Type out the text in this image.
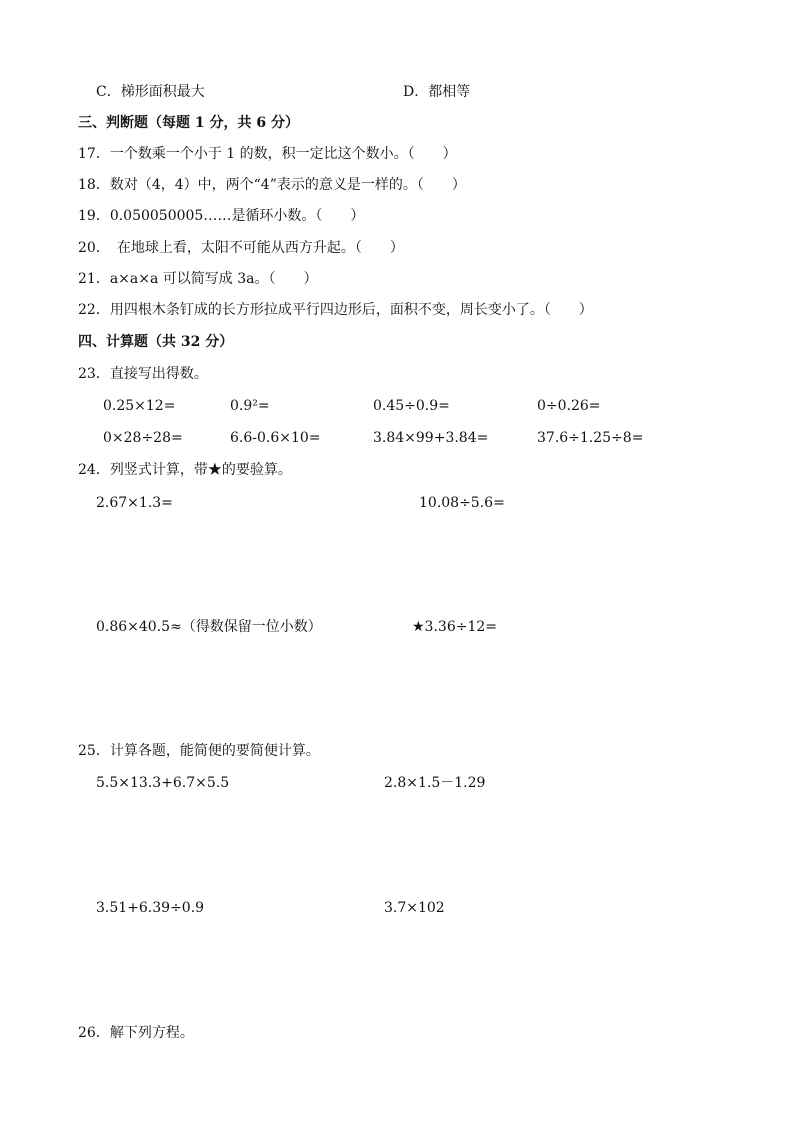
C．梯形面积最大	D．都相等
三、判断题（每题 1 分，共 6 分）
17．一个数乘一个小于 1 的数，积一定比这个数小。（　　）
18．数对（4，4）中，两个“4”表示的意义是一样的。（　　）
19．0.050050005……是循环小数。（　　）
20．　在地球上看，太阳不可能从西方升起。（　　）
21．a×a×a 可以简写成 3a。（　　）
22．用四根木条钉成的长方形拉成平行四边形后，面积不变，周长变小了。（　　）
四、计算题（共 32 分）
23．直接写出得数。
0.25×12=	0.9²=	0.45÷0.9=	0÷0.26=
0×28÷28=	6.6-0.6×10=	3.84×99+3.84=	37.6÷1.25÷8=
24．列竖式计算，带★的要验算。
2.67×1.3=	10.08÷5.6=
0.86×40.5≈（得数保留一位小数）	★3.36÷12=
25．计算各题，能简便的要简便计算。
5.5×13.3+6.7×5.5	2.8×1.5－1.29
3.51+6.39÷0.9	3.7×102
26．解下列方程。
